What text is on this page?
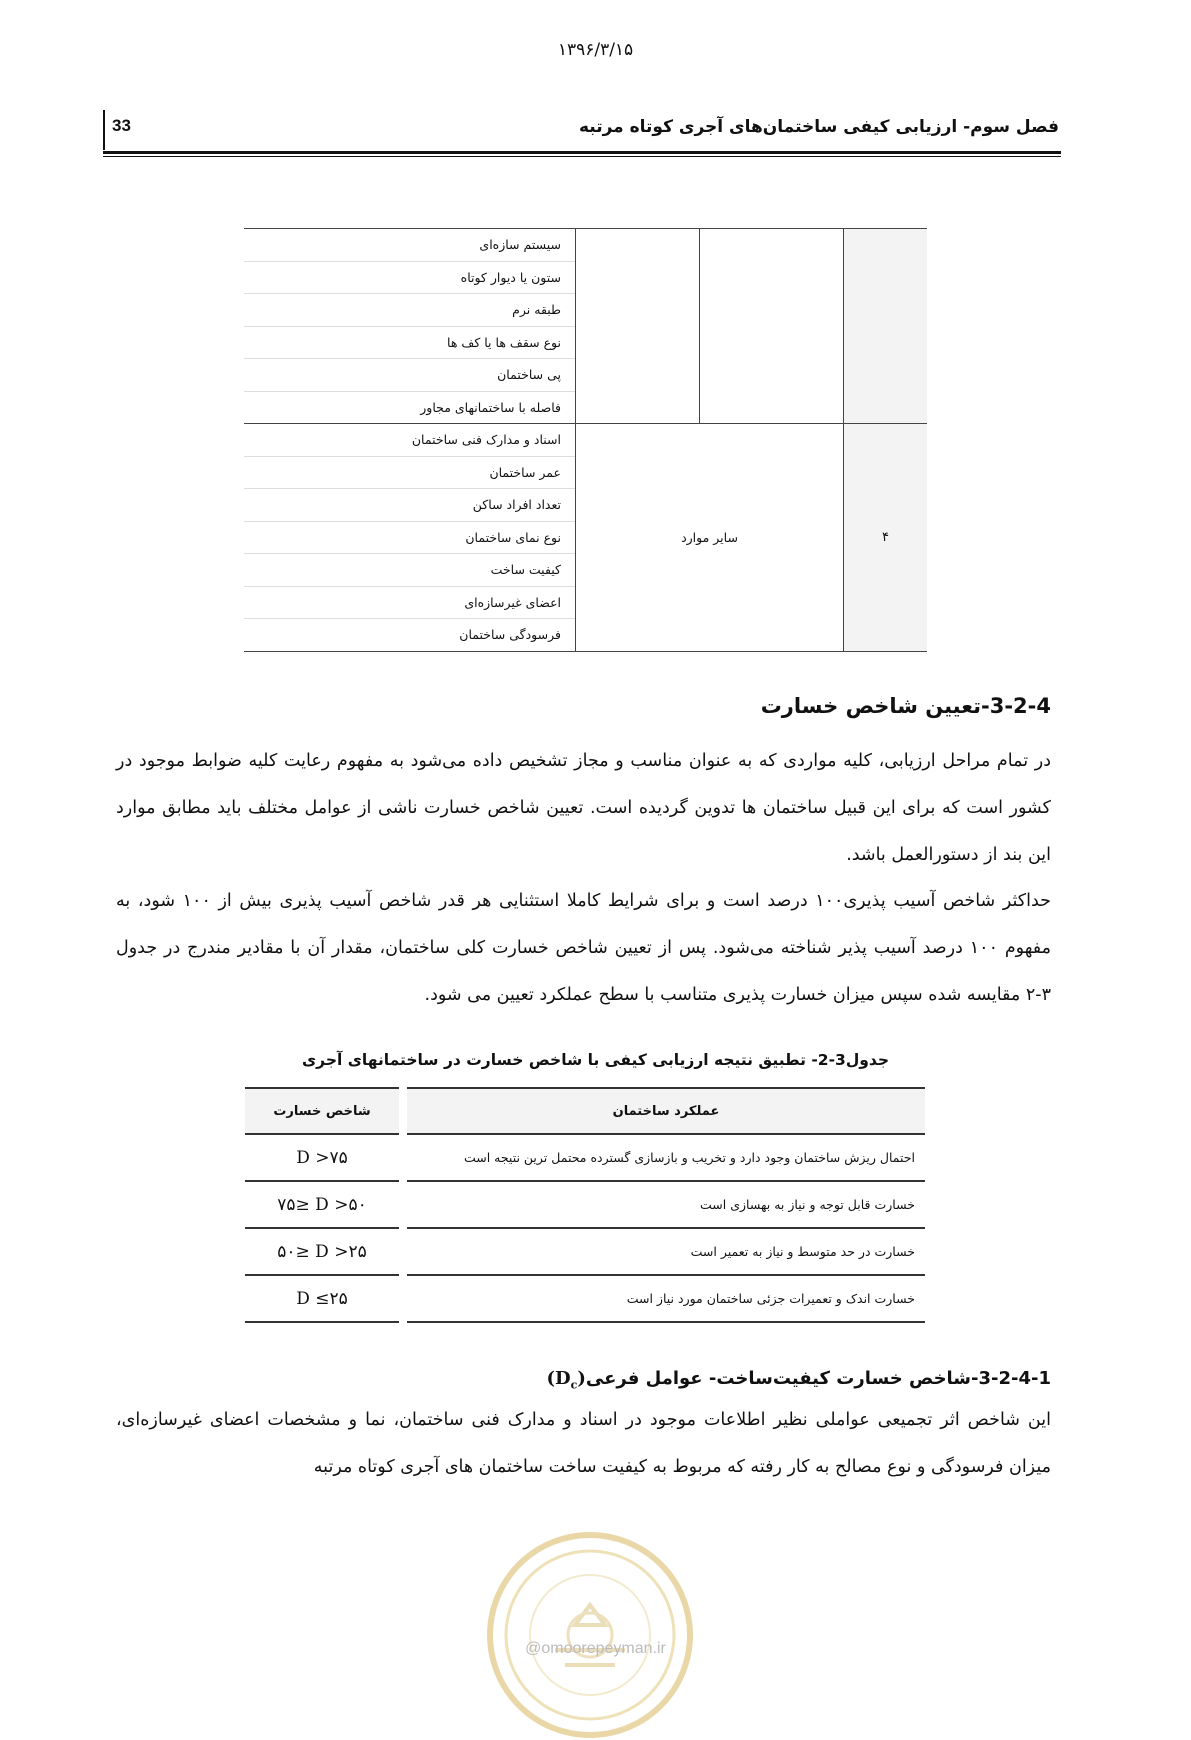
۱۳۹۶/۳/۱۵
33	فصل سوم- ارزیابی کیفی ساختمان‌های آجری کوتاه مرتبه
			سیستم سازه‌ای
			ستون یا دیوار کوتاه
			طبقه نرم
			نوع سقف ها یا کف ها
			پی ساختمان
			فاصله با ساختمانهای مجاور
۴	سایر موارد		اسناد و مدارک فنی ساختمان
			عمر ساختمان
			تعداد افراد ساکن
			نوع نمای ساختمان
			کیفیت ساخت
			اعضای غیرسازه‌ای
			فرسودگی ساختمان
3-2-4-تعیین شاخص خسارت
در تمام مراحل ارزیابی، کلیه مواردی که به عنوان مناسب و مجاز تشخیص داده می‌شود به مفهوم رعایت کلیه ضوابط موجود در کشور است که برای این قبیل ساختمان ها تدوین گردیده است. تعیین شاخص خسارت ناشی از عوامل مختلف باید مطابق موارد این بند از دستورالعمل باشد.
حداکثر شاخص آسیب پذیری۱۰۰ درصد است و برای شرایط کاملا استثنایی هر قدر شاخص آسیب پذیری بیش از ۱۰۰ شود، به مفهوم ۱۰۰ درصد آسیب پذیر شناخته می‌شود. پس از تعیین شاخص خسارت کلی ساختمان، مقدار آن با مقادیر مندرج در جدول ۳-۲ مقایسه شده سپس میزان خسارت پذیری متناسب با سطح عملکرد تعیین می شود.
جدول3-2- تطبیق نتیجه ارزیابی کیفی با شاخص خسارت در ساختمانهای آجری
عملکرد ساختمان		شاخص خسارت
احتمال ریزش ساختمان وجود دارد و تخریب و بازسازی گسترده محتمل ترین نتیجه است		D >۷۵
خسارت قابل توجه و نیاز به بهسازی است		۷۵≥ D >۵۰
خسارت در حد متوسط و نیاز به تعمیر است		۵۰≥ D >۲۵
خسارت اندک و تعمیرات جزئی ساختمان مورد نیاز است		D ≤۲۵
3-2-4-1-شاخص خسارت کیفیت‌ساخت- عوامل $فرعی(D_c)$
این شاخص اثر تجمیعی عواملی نظیر اطلاعات موجود در اسناد و مدارک فنی ساختمان، نما و مشخصات اعضای غیرسازه‌ای، میزان فرسودگی و نوع مصالح به کار رفته که مربوط به کیفیت ساخت ساختمان های آجری کوتاه مرتبه
@omoorepeyman.ir
